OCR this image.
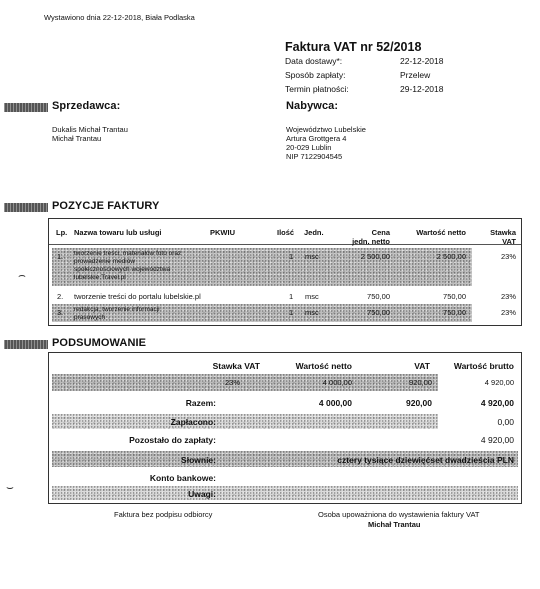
Wystawiono dnia 22-12-2018, Biała Podlaska
Faktura VAT nr 52/2018
Data dostawy*:	22-12-2018
Sposób zapłaty:	Przelew
Termin płatności:	29-12-2018
Sprzedawca:
Dukalis Michał Trantau
Michał Trantau
Nabywca:
Województwo Lubelskie
Artura Grottgera 4
20-029 Lublin
NIP 7122904545
POZYCJE FAKTURY
Lp. Nazwa towaru lub usługi	PKWIU	Ilość Jedn.	Cena
jedn. netto
Wartość netto	Stawka
VAT
1. tworzenie treści, materiałów foto oraz
prowadzenie mediów
społecznościowych województwa
lubelskie.Travel.pl
1 msc	2 500,00	2 500,00	23%
2. tworzenie treści do portalu lubelskie.pl	1 msc	750,00	750,00	23%
3. redakcja, tworzenie informacji
prasowych	1 msc	750,00	750,00	23%
PODSUMOWANIE
Stawka VAT	Wartość netto	VAT	Wartość brutto
23%	4 000,00	920,00	4 920,00
Razem:	4 000,00	920,00	4 920,00
Zapłacono:	0,00
Pozostało do zapłaty:	4 920,00
Słownie:	cztery tysiące dziewięćset dwadzieścia PLN
Konto bankowe:
Uwagi:
Faktura bez podpisu odbiorcy	Osoba upoważniona do wystawienia faktury VAT
Michał Trantau
⌢
⌣
